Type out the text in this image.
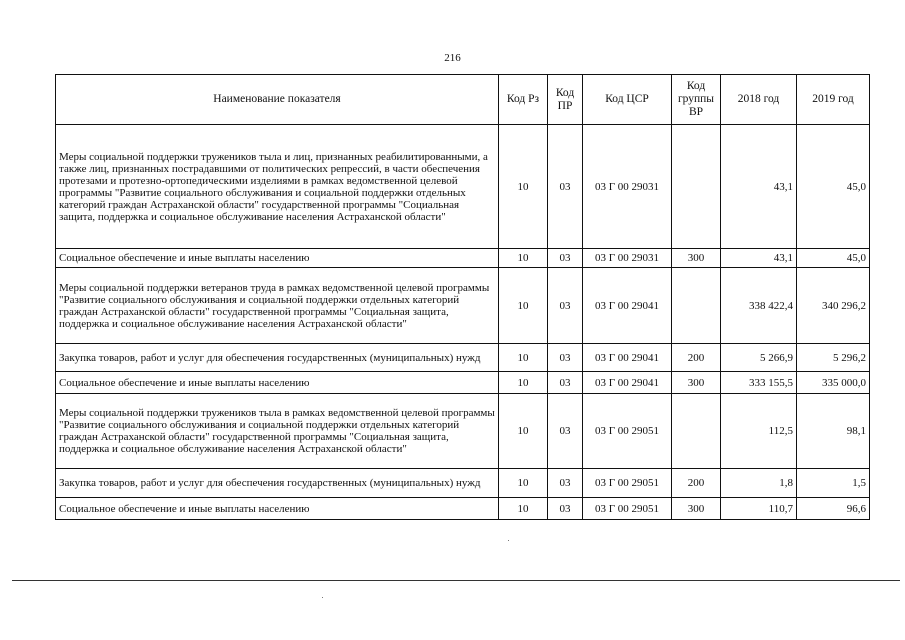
216
Наименование показателя	Код Рз	Код ПР	Код ЦСР	Код группы ВР	2018 год	2019 год
Меры социальной поддержки тружеников тыла и лиц, признанных реабилитированными, а также лиц, признанных пострадавшими от политических репрессий, в части обеспечения протезами и протезно-ортопедическими изделиями в рамках ведомственной целевой программы "Развитие социального обслуживания и социальной поддержки отдельных категорий граждан Астраханской области" государственной программы "Социальная защита, поддержка и социальное обслуживание населения Астраханской области"	10	03	03 Г 00 29031		43,1	45,0
Социальное обеспечение и иные выплаты населению	10	03	03 Г 00 29031	300	43,1	45,0
Меры социальной поддержки ветеранов труда в рамках ведомственной целевой программы "Развитие социального обслуживания и социальной поддержки отдельных категорий граждан Астраханской области" государственной программы "Социальная защита, поддержка и социальное обслуживание населения Астраханской области"	10	03	03 Г 00 29041		338 422,4	340 296,2
Закупка товаров, работ и услуг для обеспечения государственных (муниципальных) нужд	10	03	03 Г 00 29041	200	5 266,9	5 296,2
Социальное обеспечение и иные выплаты населению	10	03	03 Г 00 29041	300	333 155,5	335 000,0
Меры социальной поддержки тружеников тыла в рамках ведомственной целевой программы "Развитие социального обслуживания и социальной поддержки отдельных категорий граждан Астраханской области" государственной программы "Социальная защита, поддержка и социальное обслуживание населения Астраханской области"	10	03	03 Г 00 29051		112,5	98,1
Закупка товаров, работ и услуг для обеспечения государственных (муниципальных) нужд	10	03	03 Г 00 29051	200	1,8	1,5
Социальное обеспечение и иные выплаты населению	10	03	03 Г 00 29051	300	110,7	96,6
